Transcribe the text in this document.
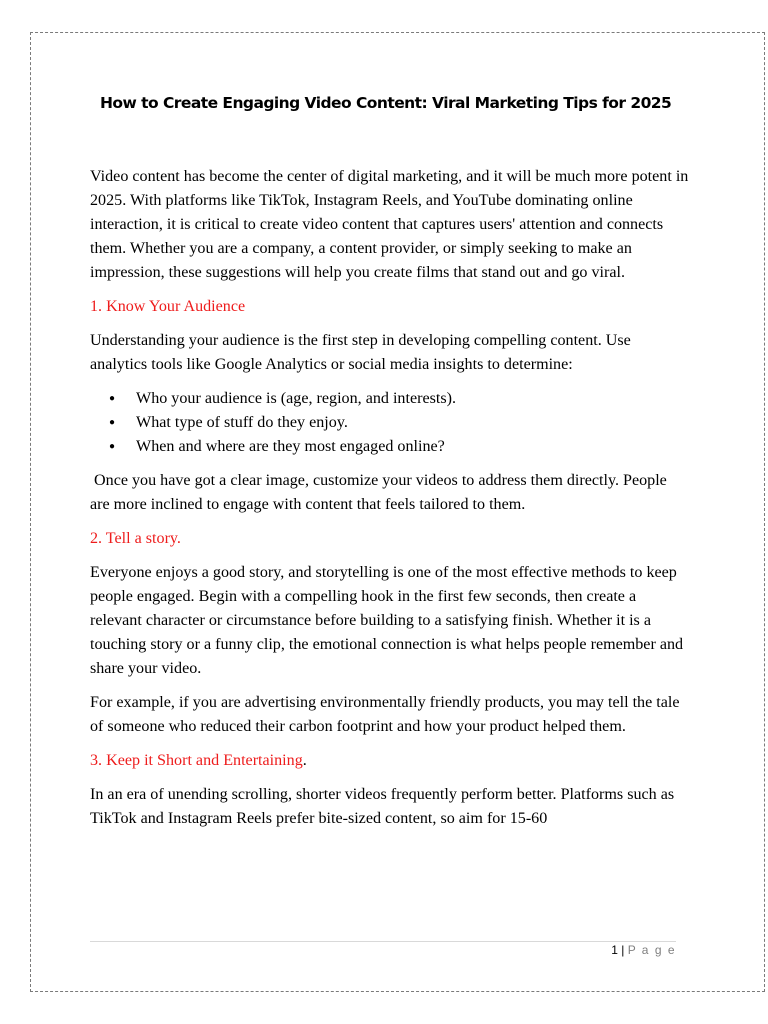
How to Create Engaging Video Content: Viral Marketing Tips for 2025

Video content has become the center of digital marketing, and it will be much more potent in 2025. With platforms like TikTok, Instagram Reels, and YouTube dominating online interaction, it is critical to create video content that captures users' attention and connects them. Whether you are a company, a content provider, or simply seeking to make an impression, these suggestions will help you create films that stand out and go viral.

1. Know Your Audience

Understanding your audience is the first step in developing compelling content. Use analytics tools like Google Analytics or social media insights to determine:

● Who your audience is (age, region, and interests).
● What type of stuff do they enjoy.
● When and where are they most engaged online?

Once you have got a clear image, customize your videos to address them directly. People are more inclined to engage with content that feels tailored to them.

2. Tell a story.

Everyone enjoys a good story, and storytelling is one of the most effective methods to keep people engaged. Begin with a compelling hook in the first few seconds, then create a relevant character or circumstance before building to a satisfying finish. Whether it is a touching story or a funny clip, the emotional connection is what helps people remember and share your video.

For example, if you are advertising environmentally friendly products, you may tell the tale of someone who reduced their carbon footprint and how your product helped them.

3. Keep it Short and Entertaining.

In an era of unending scrolling, shorter videos frequently perform better. Platforms such as TikTok and Instagram Reels prefer bite-sized content, so aim for 15-60

1 | P a g e
